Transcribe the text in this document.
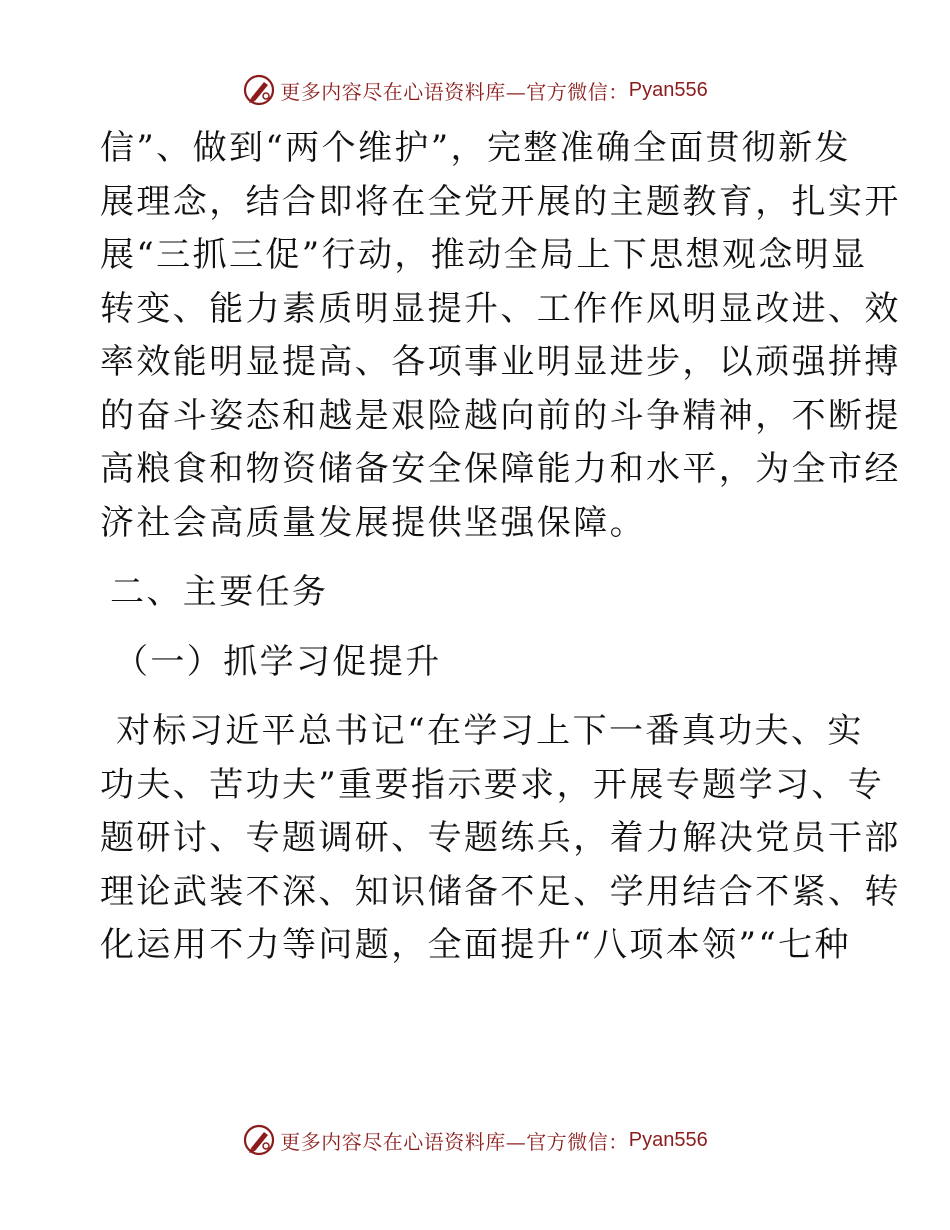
更多内容尽在心语资料库—官方微信： Pyan556

信”、做到“两个维护”，完整准确全面贯彻新发
展理念，结合即将在全党开展的主题教育，扎实开
展“三抓三促”行动，推动全局上下思想观念明显
转变、能力素质明显提升、工作作风明显改进、效
率效能明显提高、各项事业明显进步，以顽强拼搏
的奋斗姿态和越是艰险越向前的斗争精神，不断提
高粮食和物资储备安全保障能力和水平，为全市经
济社会高质量发展提供坚强保障。

二、主要任务

（一）抓学习促提升

对标习近平总书记“在学习上下一番真功夫、实
功夫、苦功夫”重要指示要求，开展专题学习、专
题研讨、专题调研、专题练兵，着力解决党员干部
理论武装不深、知识储备不足、学用结合不紧、转
化运用不力等问题，全面提升“八项本领”“七种

更多内容尽在心语资料库—官方微信： Pyan556
